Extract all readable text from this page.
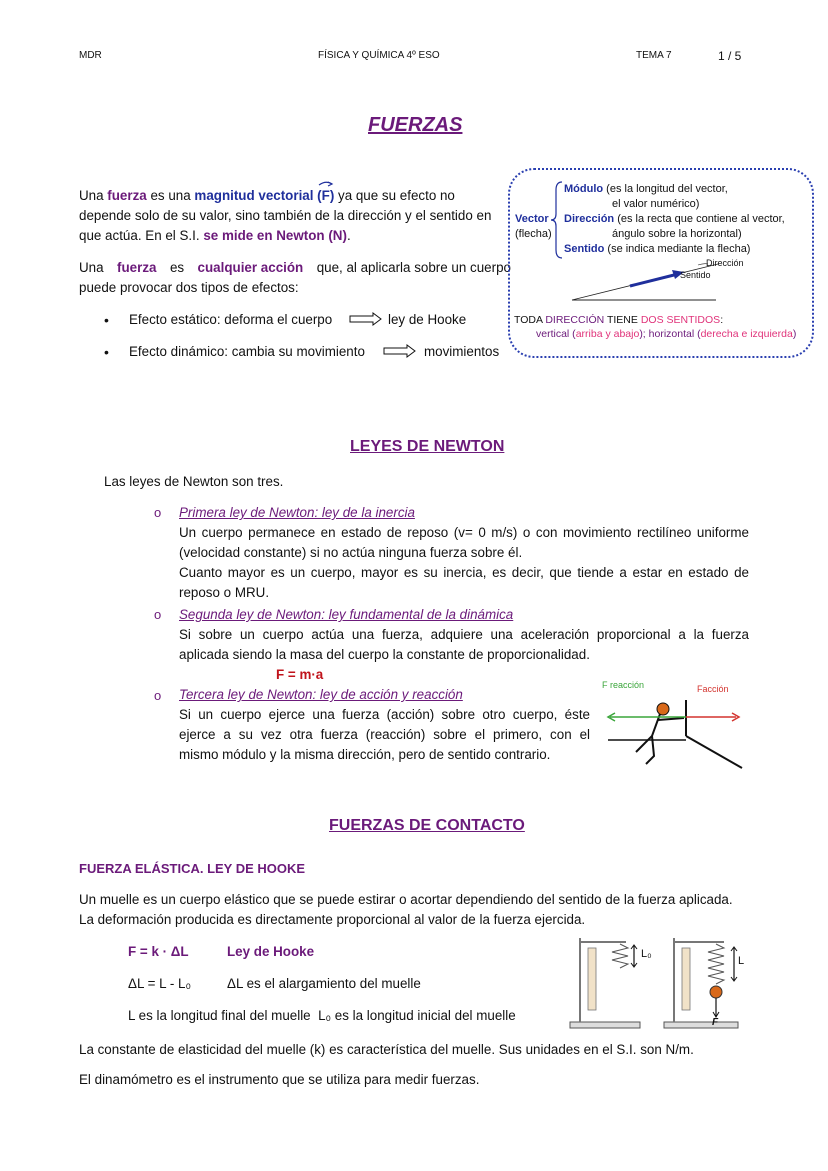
MDR	FÍSICA Y QUÍMICA 4º ESO	TEMA 7	1 / 5
FUERZAS
Una fuerza es una magnitud vectorial (F) ya que su efecto no
depende solo de su valor, sino también de la dirección y el sentido en
que actúa. En el S.I. se mide en Newton (N).
Una fuerza es cualquier acción que, al aplicarla sobre un cuerpo
puede provocar dos tipos de efectos:
• Efecto estático: deforma el cuerpo	ley de Hooke
• Efecto dinámico: cambia su movimiento	movimientos
Vector
(flecha)
Módulo (es la longitud del vector,
el valor numérico)
Dirección (es la recta que contiene al vector,
ángulo sobre la horizontal)
Sentido (se indica mediante la flecha)
Dirección
Sentido
TODA DIRECCIÓN TIENE DOS SENTIDOS:
vertical (arriba y abajo); horizontal (derecha e izquierda)
LEYES DE NEWTON
Las leyes de Newton son tres.
o Primera ley de Newton: ley de la inercia
Un cuerpo permanece en estado de reposo (v= 0 m/s) o con movimiento rectilíneo uniforme
(velocidad constante) si no actúa ninguna fuerza sobre él.
Cuanto mayor es un cuerpo, mayor es su inercia, es decir, que tiende a estar en estado de
reposo o MRU.
o Segunda ley de Newton: ley fundamental de la dinámica
Si sobre un cuerpo actúa una fuerza, adquiere una aceleración proporcional a la fuerza
aplicada siendo la masa del cuerpo la constante de proporcionalidad.
F = m·a
o Tercera ley de Newton: ley de acción y reacción
Si un cuerpo ejerce una fuerza (acción) sobre otro cuerpo, éste
ejerce a su vez otra fuerza (reacción) sobre el primero, con el
mismo módulo y la misma dirección, pero de sentido contrario.
F reacción	Facción
FUERZAS DE CONTACTO
FUERZA ELÁSTICA. LEY DE HOOKE
Un muelle es un cuerpo elástico que se puede estirar o acortar dependiendo del sentido de la fuerza aplicada.
La deformación producida es directamente proporcional al valor de la fuerza ejercida.
F = k · ΔL	Ley de Hooke
ΔL = L - L₀	ΔL es el alargamiento del muelle
L es la longitud final del muelle  L₀ es la longitud inicial del muelle
L₀
L
F
La constante de elasticidad del muelle (k) es característica del muelle. Sus unidades en el S.I. son N/m.
El dinamómetro es el instrumento que se utiliza para medir fuerzas.
